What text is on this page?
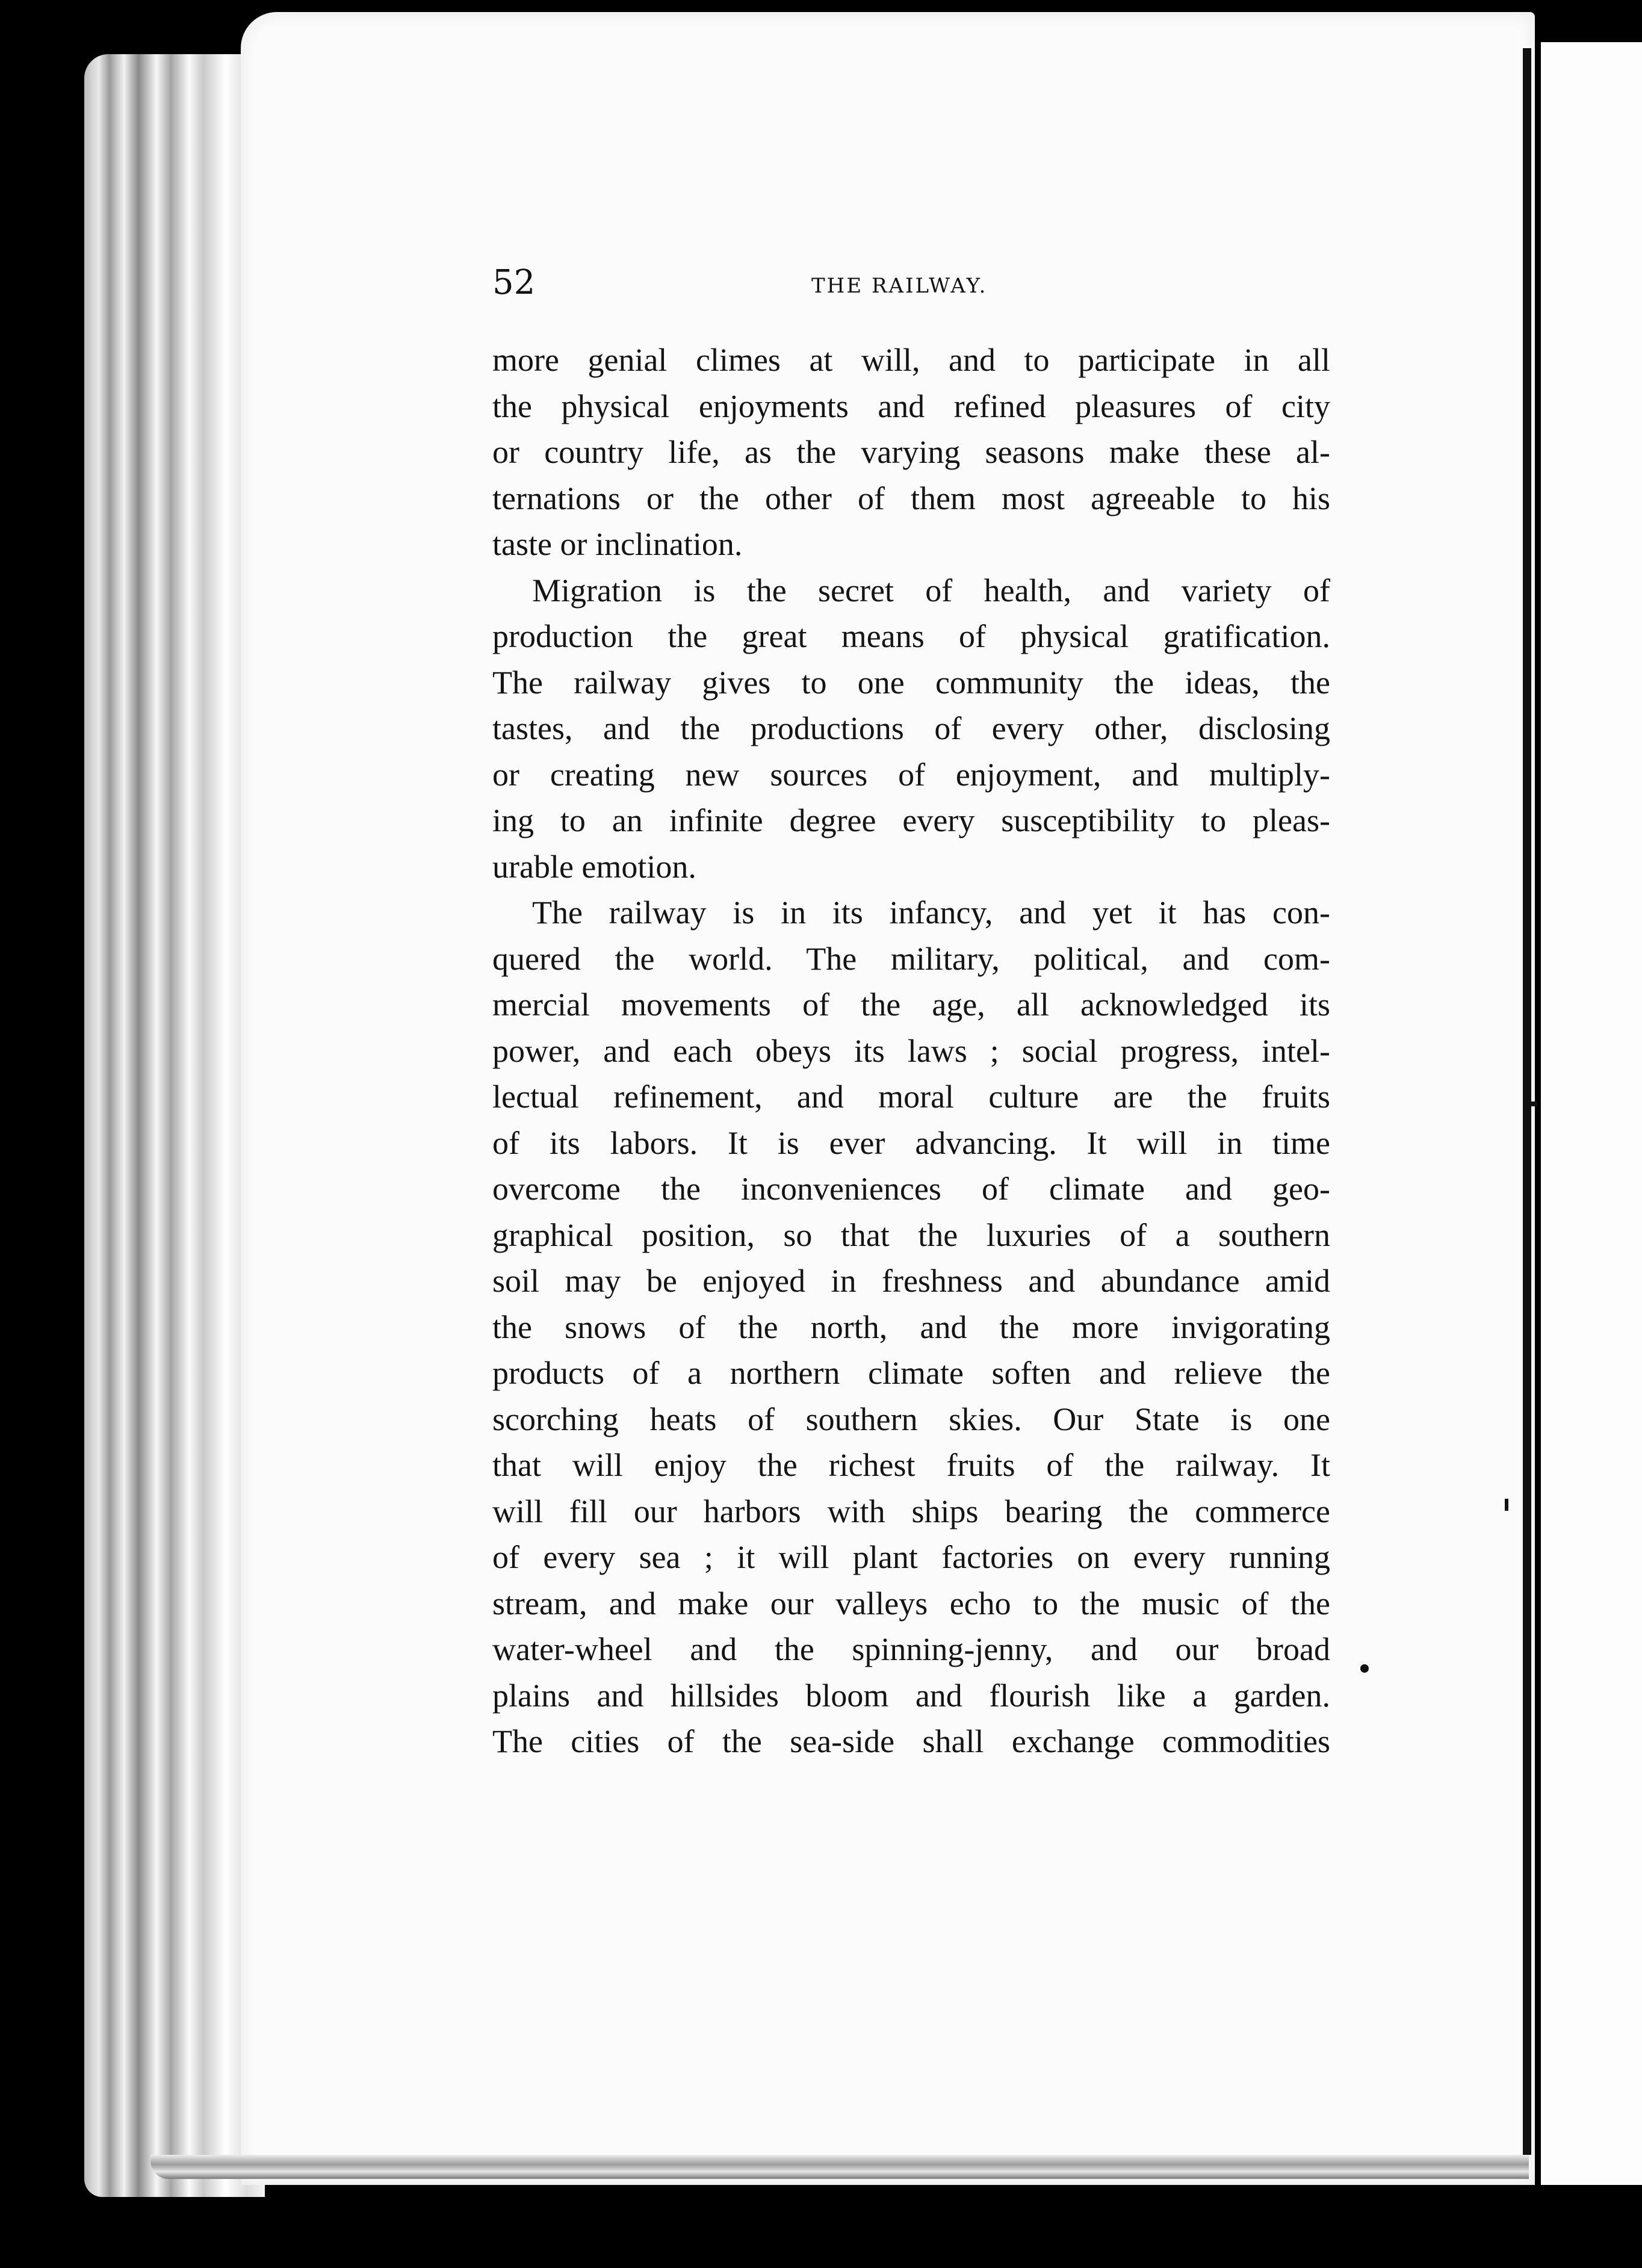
52	THE RAILWAY.
more genial climes at will, and to participate in all
the physical enjoyments and refined pleasures of city
or country life, as the varying seasons make these al-
ternations or the other of them most agreeable to his
taste or inclination.
Migration is the secret of health, and variety of
production the great means of physical gratification.
The railway gives to one community the ideas, the
tastes, and the productions of every other, disclosing
or creating new sources of enjoyment, and multiply-
ing to an infinite degree every susceptibility to pleas-
urable emotion.
The railway is in its infancy, and yet it has con-
quered the world. The military, political, and com-
mercial movements of the age, all acknowledged its
power, and each obeys its laws ; social progress, intel-
lectual refinement, and moral culture are the fruits
of its labors. It is ever advancing. It will in time
overcome the inconveniences of climate and geo-
graphical position, so that the luxuries of a southern
soil may be enjoyed in freshness and abundance amid
the snows of the north, and the more invigorating
products of a northern climate soften and relieve the
scorching heats of southern skies. Our State is one
that will enjoy the richest fruits of the railway. It
will fill our harbors with ships bearing the commerce
of every sea ; it will plant factories on every running
stream, and make our valleys echo to the music of the
water-wheel and the spinning-jenny, and our broad
plains and hillsides bloom and flourish like a garden.
The cities of the sea-side shall exchange commodities
